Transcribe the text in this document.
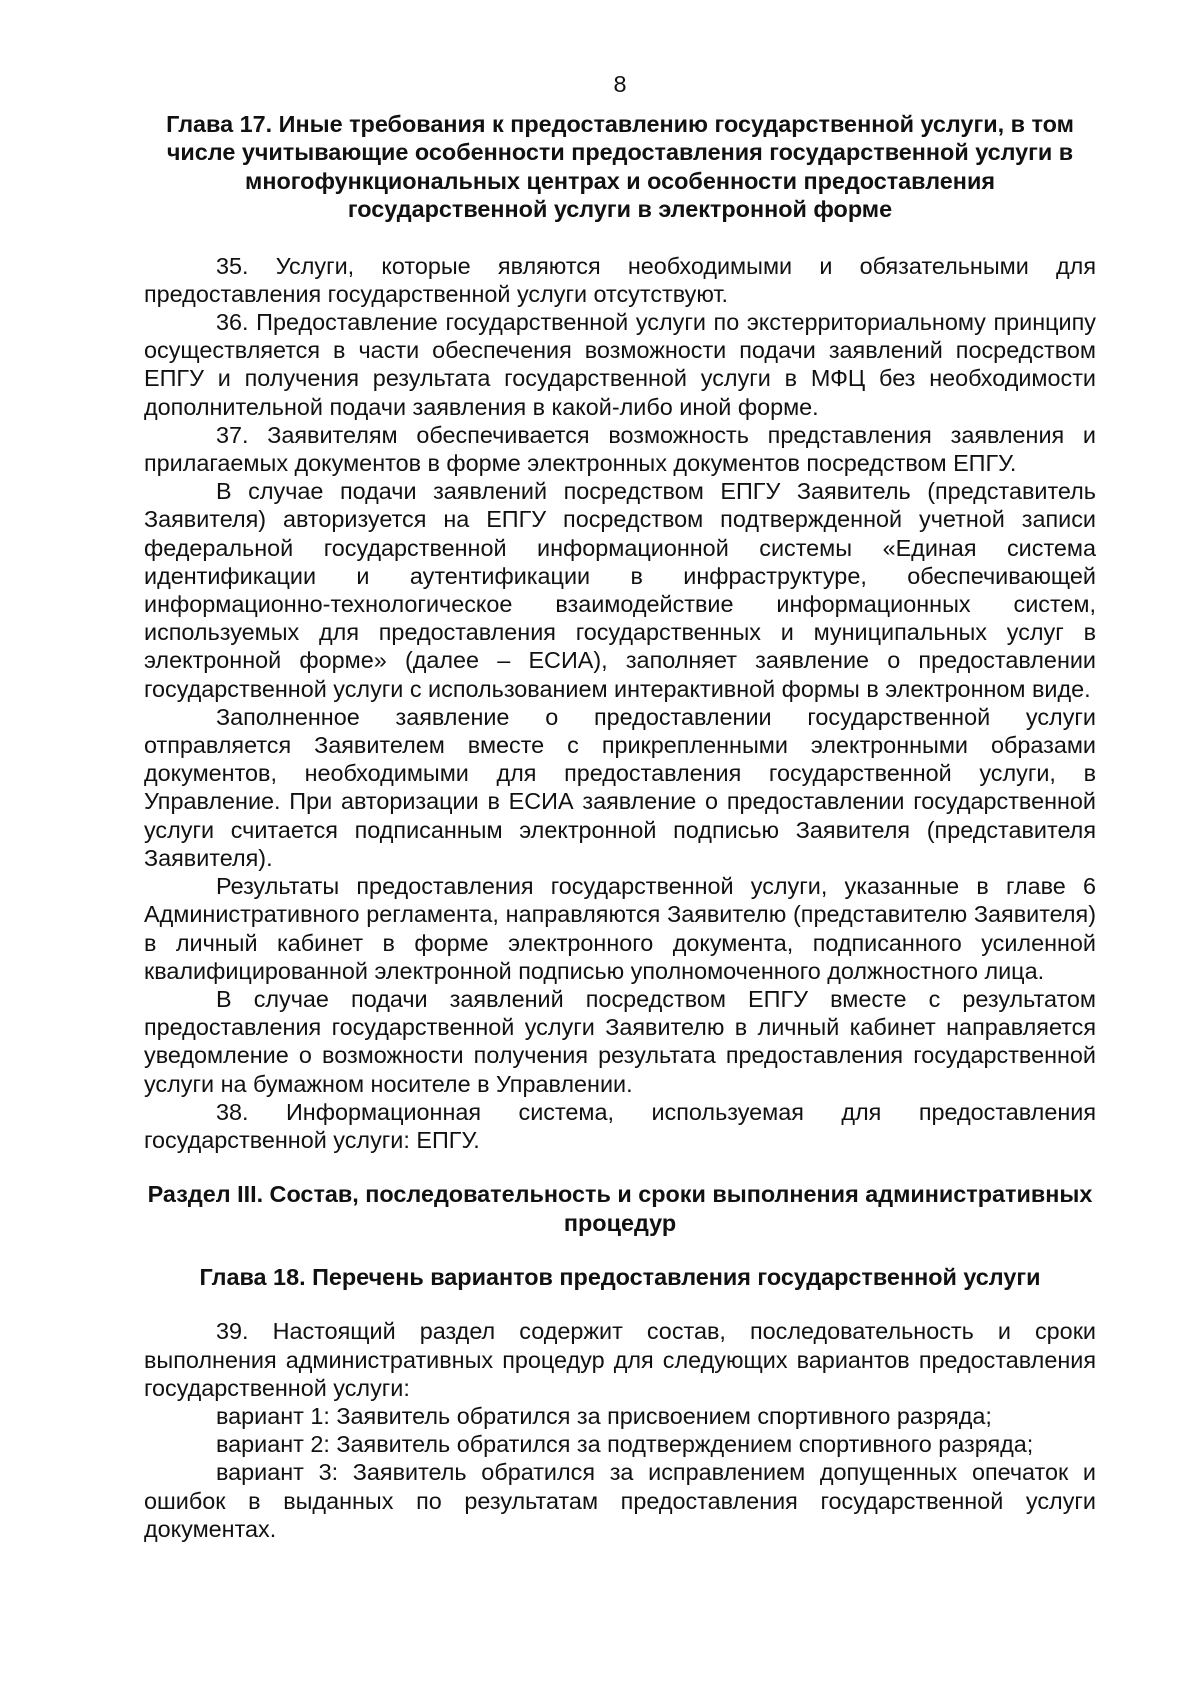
8
Глава 17. Иные требования к предоставлению государственной услуги, в том числе учитывающие особенности предоставления государственной услуги в многофункциональных центрах и особенности предоставления государственной услуги в электронной форме

35. Услуги, которые являются необходимыми и обязательными для предоставления государственной услуги отсутствуют.

36. Предоставление государственной услуги по экстерриториальному принципу осуществляется в части обеспечения возможности подачи заявлений посредством ЕПГУ и получения результата государственной услуги в МФЦ без необходимости дополнительной подачи заявления в какой-либо иной форме.

37. Заявителям обеспечивается возможность представления заявления и прилагаемых документов в форме электронных документов посредством ЕПГУ.

В случае подачи заявлений посредством ЕПГУ Заявитель (представитель Заявителя) авторизуется на ЕПГУ посредством подтвержденной учетной записи федеральной государственной информационной системы «Единая система идентификации и аутентификации в инфраструктуре, обеспечивающей информационно-технологическое взаимодействие информационных систем, используемых для предоставления государственных и муниципальных услуг в электронной форме» (далее – ЕСИА), заполняет заявление о предоставлении государственной услуги с использованием интерактивной формы в электронном виде.

Заполненное заявление о предоставлении государственной услуги отправляется Заявителем вместе с прикрепленными электронными образами документов, необходимыми для предоставления государственной услуги, в Управление. При авторизации в ЕСИА заявление о предоставлении государственной услуги считается подписанным электронной подписью Заявителя (представителя Заявителя).

Результаты предоставления государственной услуги, указанные в главе 6 Административного регламента, направляются Заявителю (представителю Заявителя) в личный кабинет в форме электронного документа, подписанного усиленной квалифицированной электронной подписью уполномоченного должностного лица.

В случае подачи заявлений посредством ЕПГУ вместе с результатом предоставления государственной услуги Заявителю в личный кабинет направляется уведомление о возможности получения результата предоставления государственной услуги на бумажном носителе в Управлении.

38. Информационная система, используемая для предоставления государственной услуги: ЕПГУ.

Раздел III. Состав, последовательность и сроки выполнения административных процедур
Глава 18. Перечень вариантов предоставления государственной услуги

39. Настоящий раздел содержит состав, последовательность и сроки выполнения административных процедур для следующих вариантов предоставления государственной услуги:

вариант 1: Заявитель обратился за присвоением спортивного разряда;

вариант 2: Заявитель обратился за подтверждением спортивного разряда;

вариант 3: Заявитель обратился за исправлением допущенных опечаток и ошибок в выданных по результатам предоставления государственной услуги документах.
